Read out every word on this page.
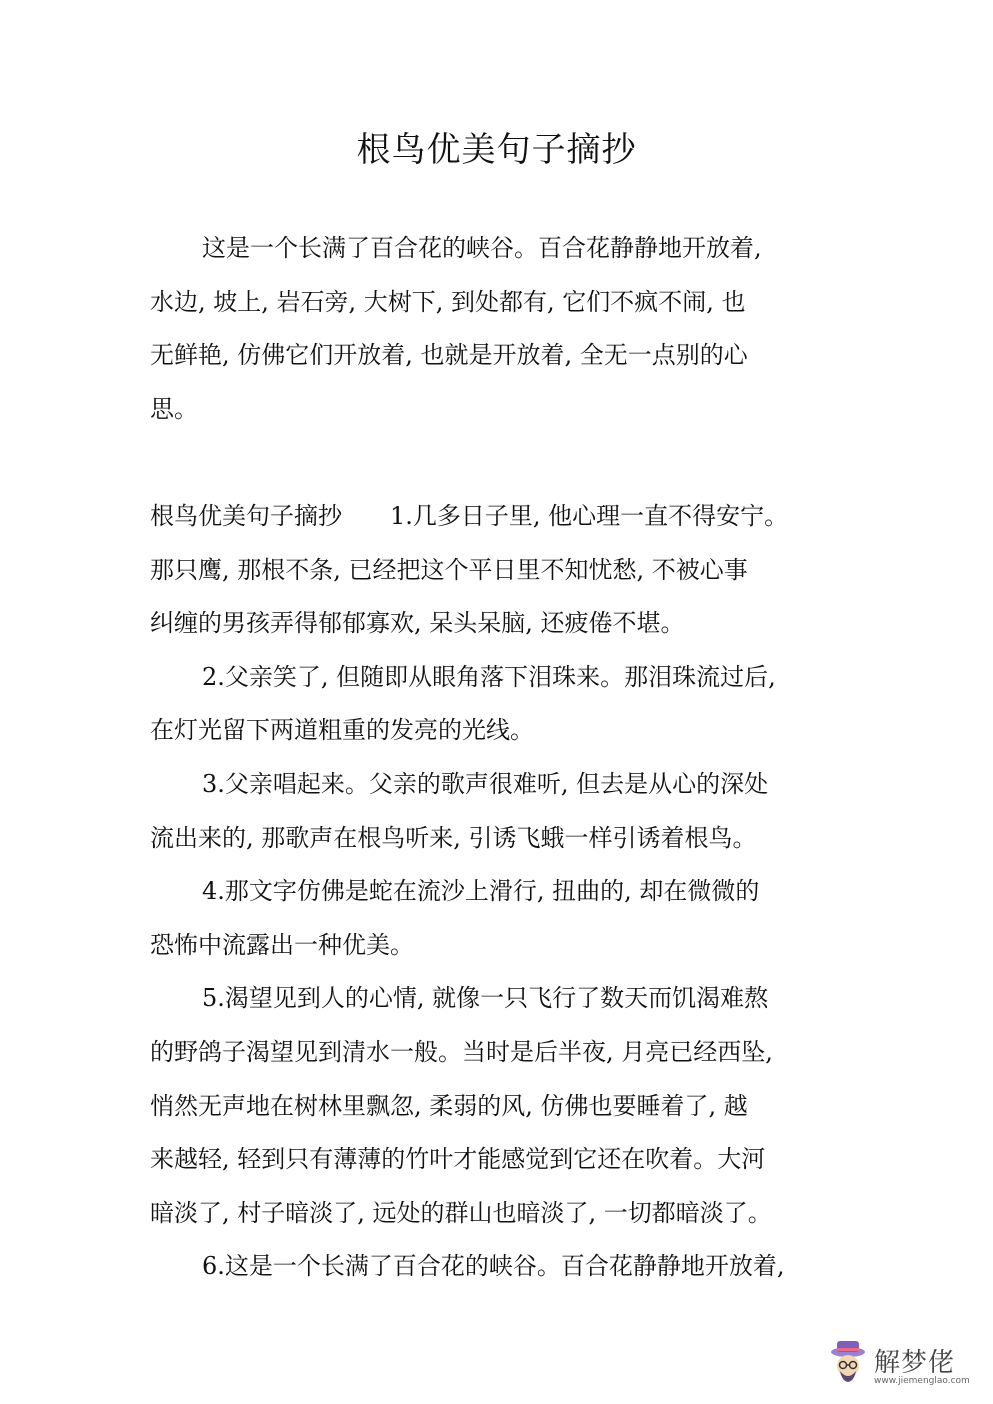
根鸟优美句子摘抄
这是一个长满了百合花的峡谷。百合花静静地开放着,
水边, 坡上, 岩石旁, 大树下, 到处都有, 它们不疯不闹, 也
无鲜艳, 仿佛它们开放着, 也就是开放着, 全无一点别的心
思。
根鸟优美句子摘抄　　1.几多日子里, 他心理一直不得安宁。
那只鹰, 那根不条, 已经把这个平日里不知忧愁, 不被心事
纠缠的男孩弄得郁郁寡欢, 呆头呆脑, 还疲倦不堪。
2.父亲笑了, 但随即从眼角落下泪珠来。那泪珠流过后,
在灯光留下两道粗重的发亮的光线。
3.父亲唱起来。父亲的歌声很难听, 但去是从心的深处
流出来的, 那歌声在根鸟听来, 引诱飞蛾一样引诱着根鸟。
4.那文字仿佛是蛇在流沙上滑行, 扭曲的, 却在微微的
恐怖中流露出一种优美。
5.渴望见到人的心情, 就像一只飞行了数天而饥渴难熬
的野鸽子渴望见到清水一般。当时是后半夜, 月亮已经西坠,
悄然无声地在树林里飘忽, 柔弱的风, 仿佛也要睡着了, 越
来越轻, 轻到只有薄薄的竹叶才能感觉到它还在吹着。大河
暗淡了, 村子暗淡了, 远处的群山也暗淡了, 一切都暗淡了。
6.这是一个长满了百合花的峡谷。百合花静静地开放着,
解梦佬
www.jiemenglao.com
